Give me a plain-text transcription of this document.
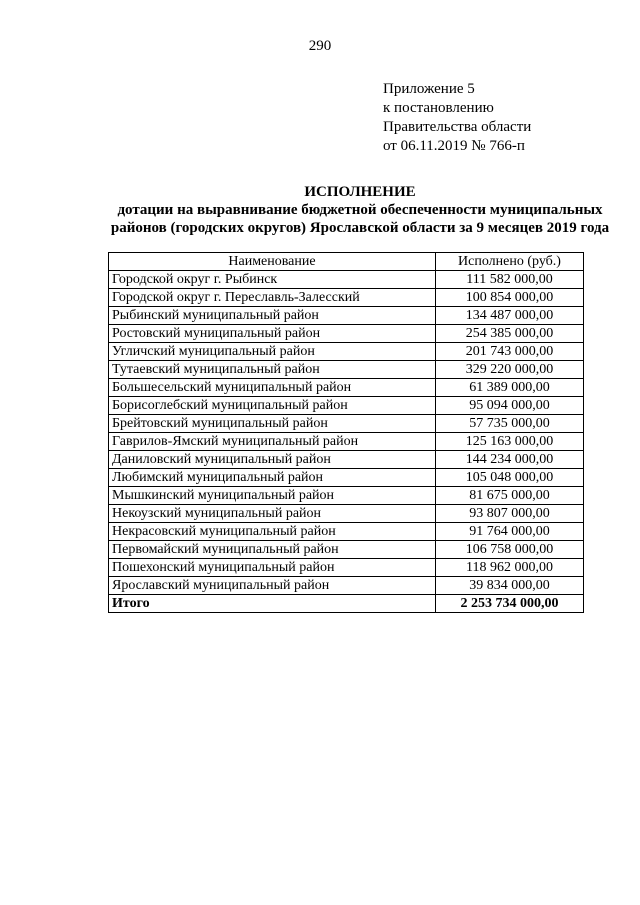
290
Приложение 5
к постановлению
Правительства области
от 06.11.2019 № 766-п
ИСПОЛНЕНИЕ
дотации на выравнивание бюджетной обеспеченности муниципальных
районов (городских округов) Ярославской области за 9 месяцев 2019 года
Наименование	Исполнено (руб.)
Городской округ г. Рыбинск	111 582 000,00
Городской округ г. Переславль-Залесский	100 854 000,00
Рыбинский муниципальный район	134 487 000,00
Ростовский муниципальный район	254 385 000,00
Угличский муниципальный район	201 743 000,00
Тутаевский муниципальный район	329 220 000,00
Большесельский муниципальный район	61 389 000,00
Борисоглебский муниципальный район	95 094 000,00
Брейтовский муниципальный район	57 735 000,00
Гаврилов-Ямский муниципальный район	125 163 000,00
Даниловский муниципальный район	144 234 000,00
Любимский муниципальный район	105 048 000,00
Мышкинский муниципальный район	81 675 000,00
Некоузский муниципальный район	93 807 000,00
Некрасовский муниципальный район	91 764 000,00
Первомайский муниципальный район	106 758 000,00
Пошехонский муниципальный район	118 962 000,00
Ярославский муниципальный район	39 834 000,00
Итого	2 253 734 000,00
